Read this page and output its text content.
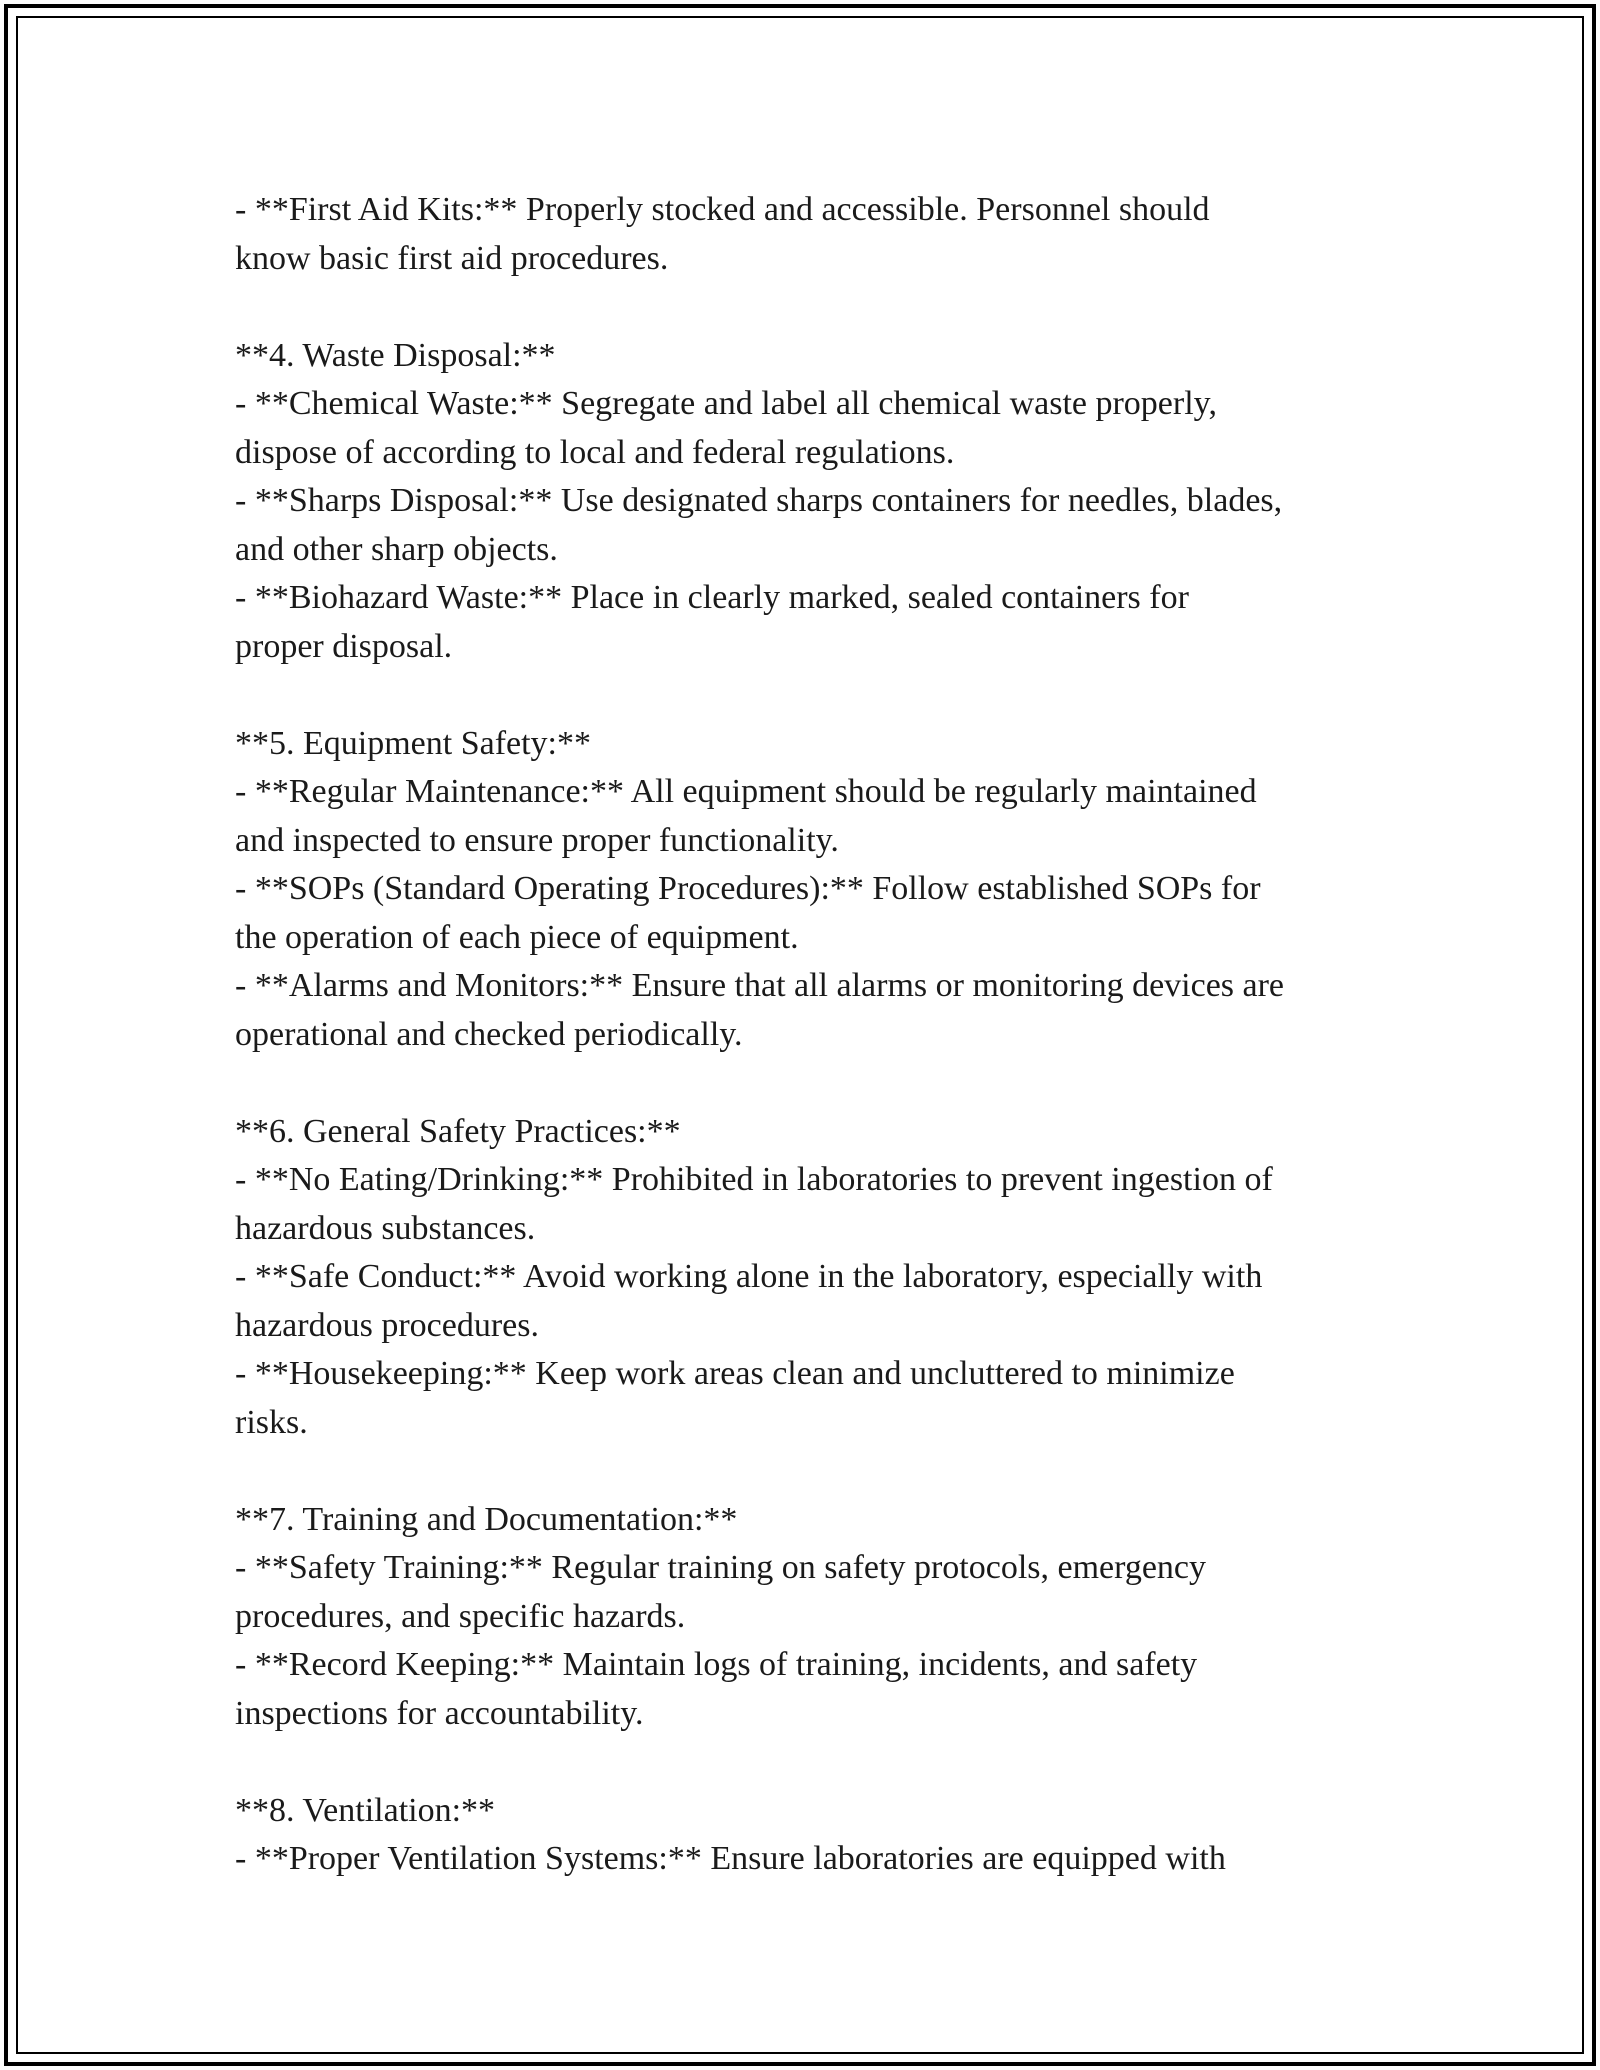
- **First Aid Kits:** Properly stocked and accessible. Personnel should
know basic first aid procedures.
**4. Waste Disposal:**
- **Chemical Waste:** Segregate and label all chemical waste properly,
dispose of according to local and federal regulations.
- **Sharps Disposal:** Use designated sharps containers for needles, blades,
and other sharp objects.
- **Biohazard Waste:** Place in clearly marked, sealed containers for
proper disposal.
**5. Equipment Safety:**
- **Regular Maintenance:** All equipment should be regularly maintained
and inspected to ensure proper functionality.
- **SOPs (Standard Operating Procedures):** Follow established SOPs for
the operation of each piece of equipment.
- **Alarms and Monitors:** Ensure that all alarms or monitoring devices are
operational and checked periodically.
**6. General Safety Practices:**
- **No Eating/Drinking:** Prohibited in laboratories to prevent ingestion of
hazardous substances.
- **Safe Conduct:** Avoid working alone in the laboratory, especially with
hazardous procedures.
- **Housekeeping:** Keep work areas clean and uncluttered to minimize
risks.
**7. Training and Documentation:**
- **Safety Training:** Regular training on safety protocols, emergency
procedures, and specific hazards.
- **Record Keeping:** Maintain logs of training, incidents, and safety
inspections for accountability.
**8. Ventilation:**
- **Proper Ventilation Systems:** Ensure laboratories are equipped with
